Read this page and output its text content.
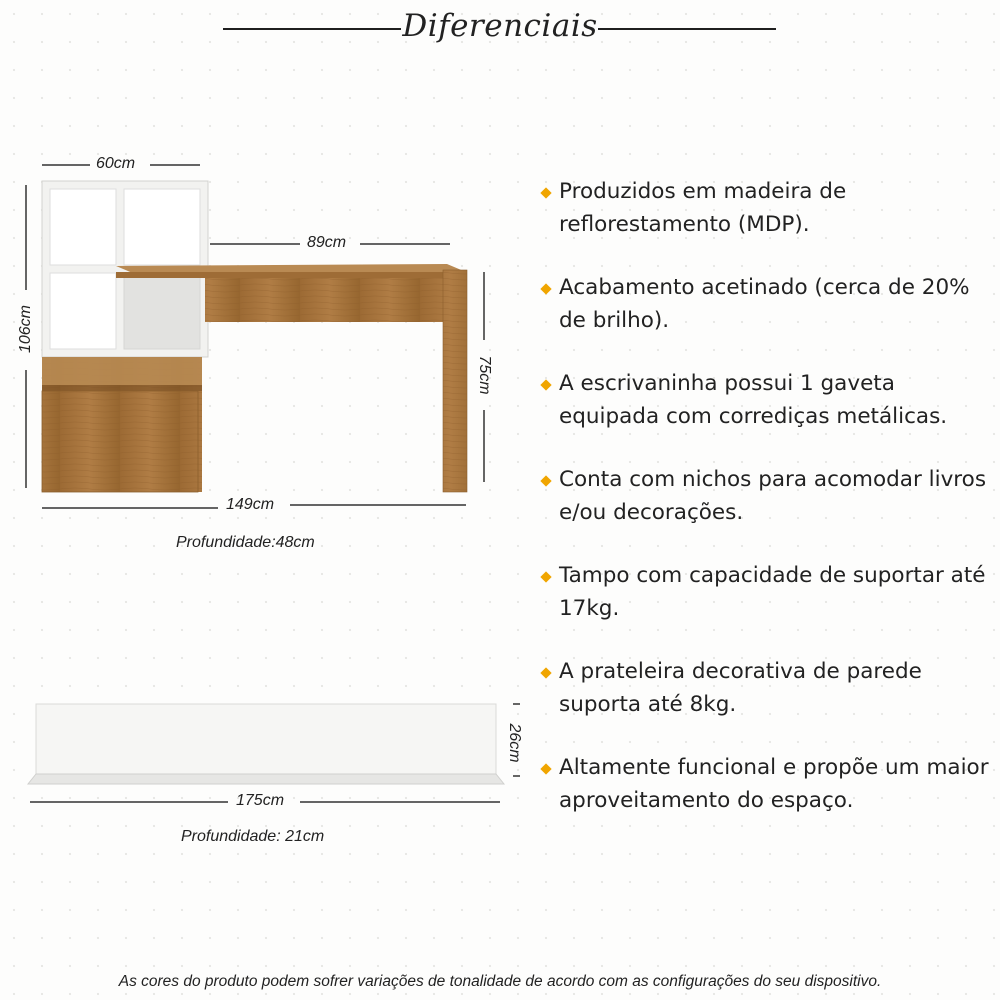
Diferenciais
60cm
89cm
106cm
75cm
149cm
Profundidade:48cm
26cm
175cm
Profundidade: 21cm
Produzidos em madeira de reflorestamento (MDP).
Acabamento acetinado (cerca de 20% de brilho).
A escrivaninha possui 1 gaveta equipada com corrediças metálicas.
Conta com nichos para acomodar livros e/ou decorações.
Tampo com capacidade de suportar até 17kg.
A prateleira decorativa de parede suporta até 8kg.
Altamente funcional e propõe um maior aproveitamento do espaço.
As cores do produto podem sofrer variações de tonalidade de acordo com as configurações do seu dispositivo.
